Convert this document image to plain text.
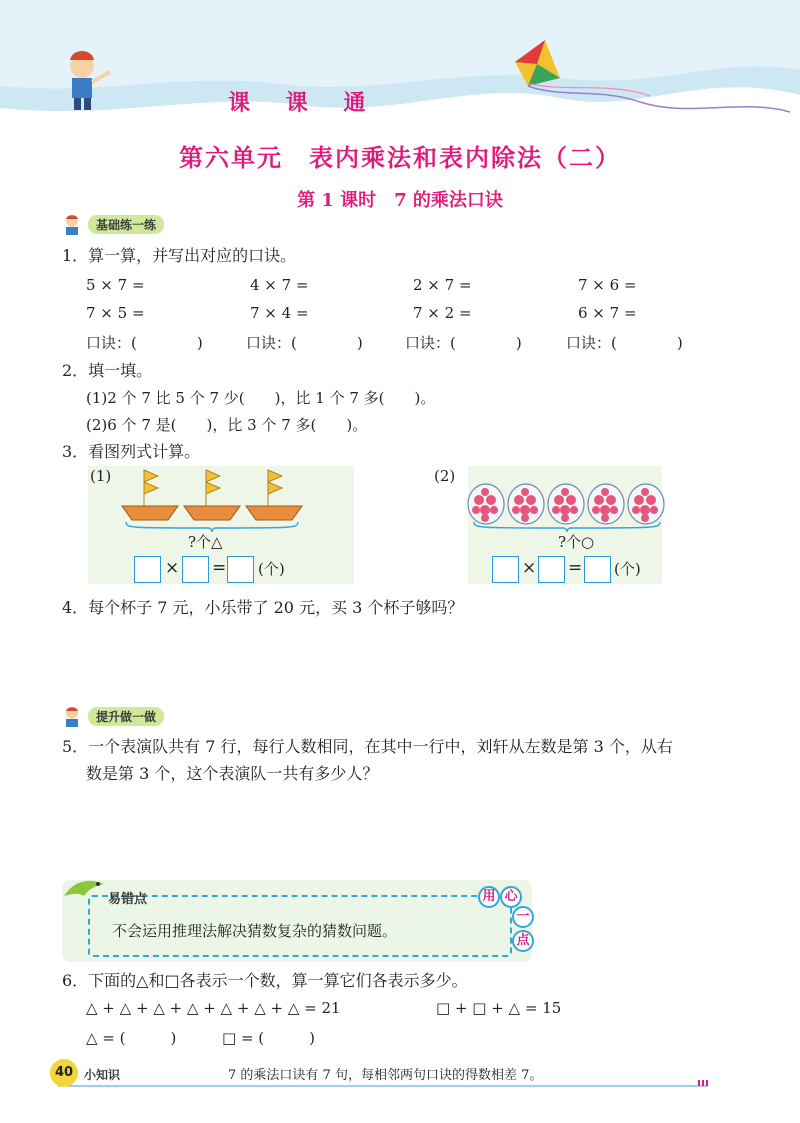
课 课 通
第六单元　表内乘法和表内除法（二）
第 1 课时　7 的乘法口诀
基础练一练
1．算一算，并写出对应的口诀。
5 × 7 =	4 × 7 =	2 × 7 =	7 × 6 =
7 × 5 =	7 × 4 =	7 × 2 =	6 × 7 =
口诀：(　　　　)	口诀：(　　　　)	口诀：(　　　　)	口诀：(　　　　)
2．填一填。
(1)2 个 7 比 5 个 7 少(　　)，比 1 个 7 多(　　)。
(2)6 个 7 是(　　)，比 3 个 7 多(　　)。
3．看图列式计算。
(1)
?个△
× = (个)
(2)
?个○
× = (个)
4．每个杯子 7 元，小乐带了 20 元，买 3 个杯子够吗？
提升做一做
5．一个表演队共有 7 行，每行人数相同，在其中一行中，刘轩从左数是第 3 个，从右
数是第 3 个，这个表演队一共有多少人？
易错点
不会运用推理法解决猜数复杂的猜数问题。
用 心
一
点
6．下面的△和□各表示一个数，算一算它们各表示多少。
△ + △ + △ + △ + △ + △ + △ = 21	□ + □ + △ = 15
△ = (　　　)	□ = (　　　)
40 小知识	7 的乘法口诀有 7 句，每相邻两句口诀的得数相差 7。
